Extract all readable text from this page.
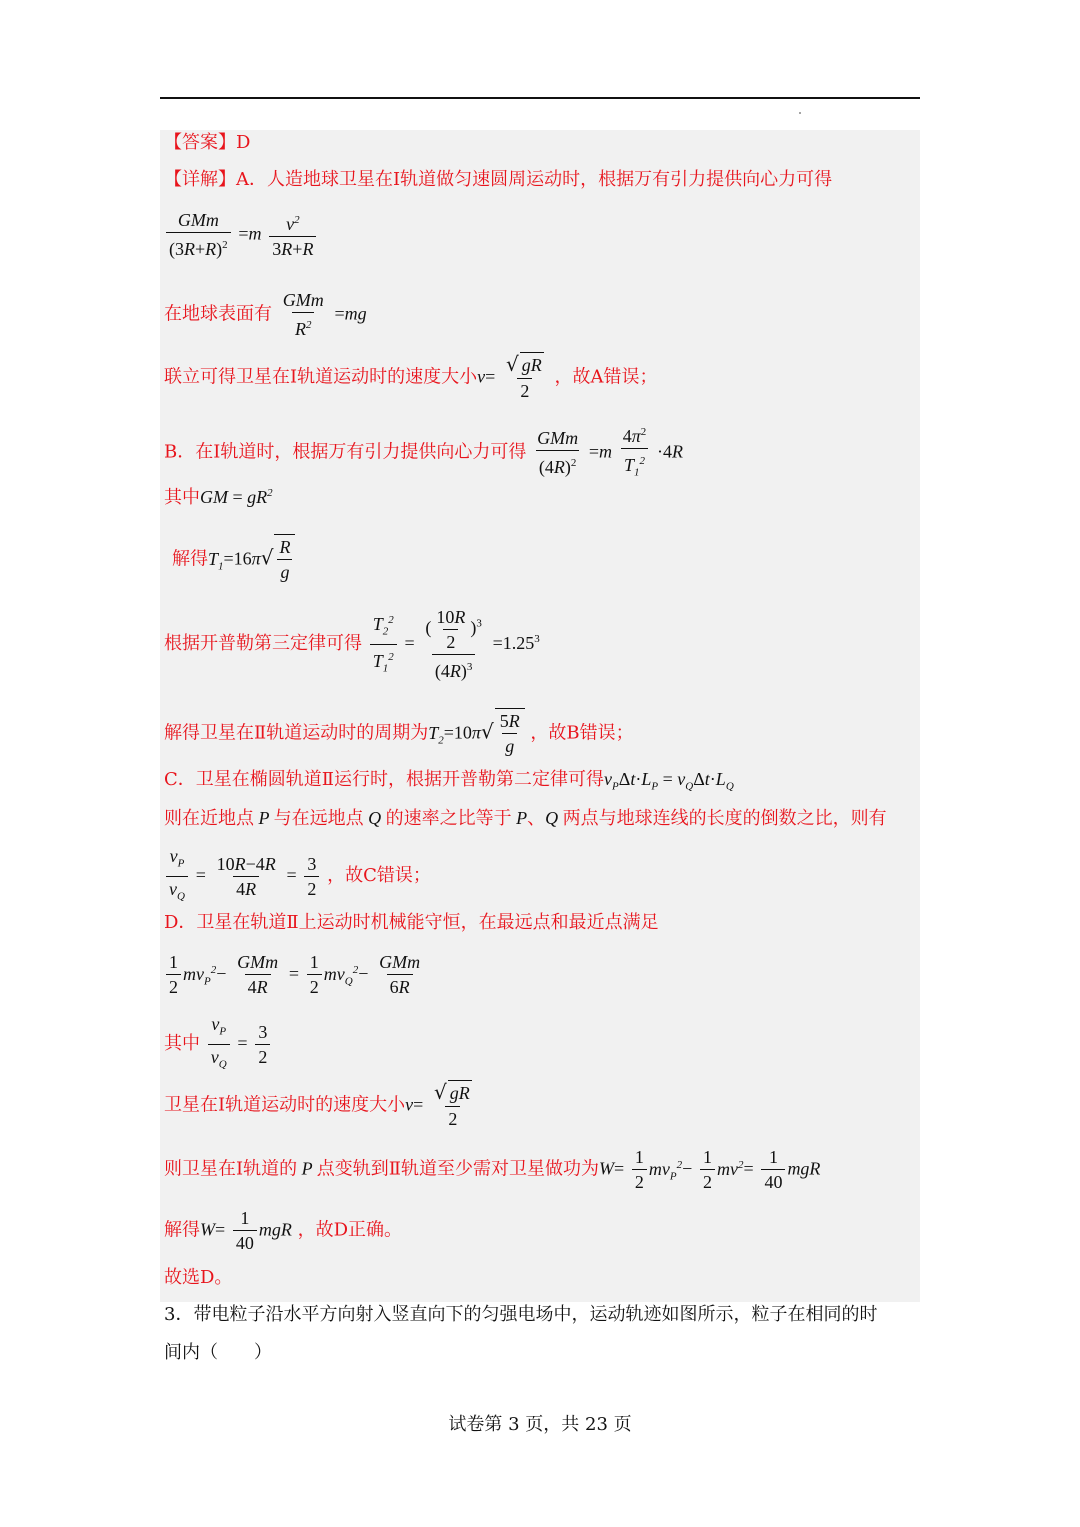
【答案】D
【详解】A．人造地球卫星在Ⅰ轨道做匀速圆周运动时，根据万有引力提供向心力可得
$\frac{\text{GMm}}{(3R+R)^2} =m \frac{v^2}{3R+R}$
在地球表面有 $\frac{\text{GMm}}{R^2} =mg$
联立可得卫星在Ⅰ轨道运动时的速度大小$v= \frac{√ gR}{2}$ ，故A错误；
B．在Ⅰ轨道时，根据万有引力提供向心力可得 $\frac{\text{GMm}}{(4R)^2} =m \frac{4\pi^2}{T_1^2} \cdot 4R$
其中GM = $gR^2$
解得$T_1=16\pi√ \frac{R}{g}$
根据开普勒第三定律可得 $\frac{T_2^2}{T_1^2} = \frac{( \frac{10R}{2} )^3}{(4R)^3} =1.25^3$
解得卫星在Ⅱ轨道运动时的周期为$T_2=10\pi√ \frac{5R}{g}$ ，故B错误；
C．卫星在椭圆轨道Ⅱ运行时，根据开普勒第二定律可得$v_P\Delta t\cdot L_P = v_Q\Delta t\cdot L_Q$
则在近地点 P 与在远地点 Q 的速率之比等于 P、Q 两点与地球连线的长度的倒数之比，则有
$\frac{v_P}{v_Q} = \frac{10R-4R}{4R} = \frac{3}{2}$ ，故C错误；
D．卫星在轨道Ⅱ上运动时机械能守恒，在最远点和最近点满足
$\frac{1}{2} mv_P^2- \frac{\text{GMm}}{4R} = \frac{1}{2} mv_Q^2- \frac{\text{GMm}}{6R}$
其中 $\frac{v_P}{v_Q} = \frac{3}{2}$
卫星在Ⅰ轨道运动时的速度大小$v= \frac{√ gR}{2}$
则卫星在Ⅰ轨道的 P 点变轨到Ⅱ轨道至少需对卫星做功为$W= \frac{1}{2} mv_P^2- \frac{1}{2} mv^2= \frac{1}{40}$ mgR
解得$W= \frac{1}{40}$ mgR ，故D正确。
故选D。
3．带电粒子沿水平方向射入竖直向下的匀强电场中，运动轨迹如图所示，粒子在相同的时
间内（　　）
试卷第 3 页，共 23 页
